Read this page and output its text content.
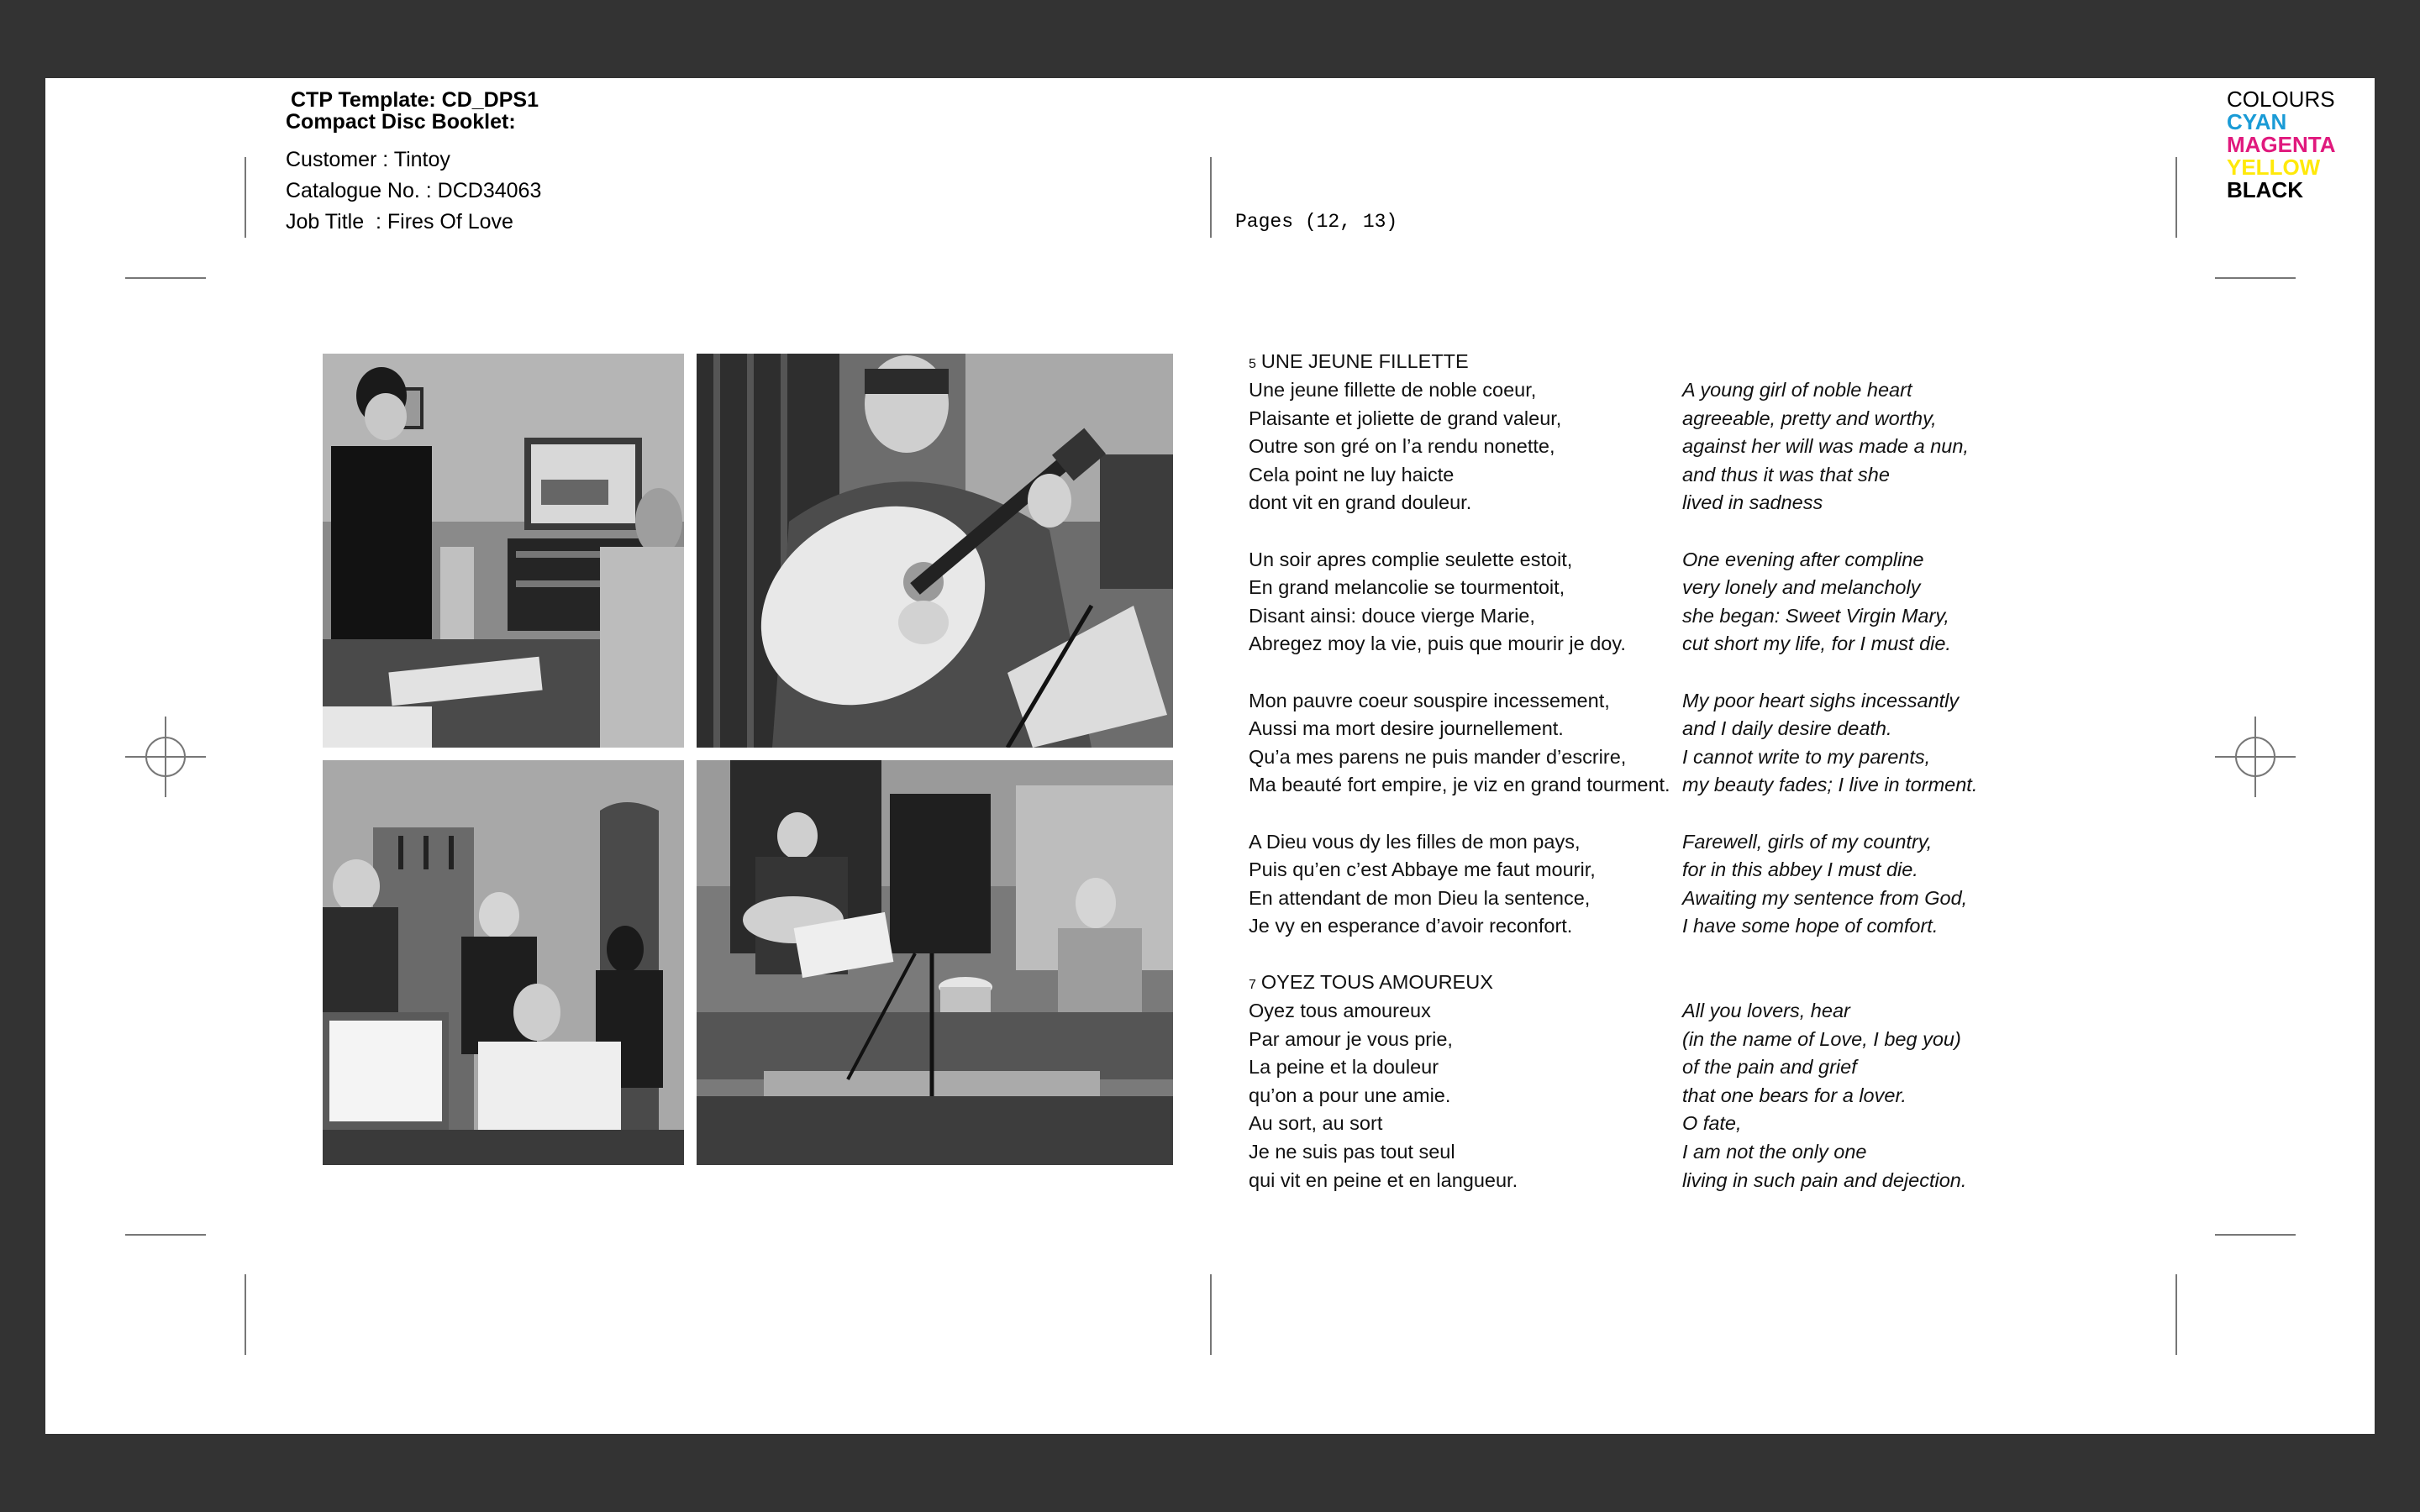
CTP Template: CD_DPS1
Compact Disc Booklet:
Customer : Tintoy
Catalogue No. : DCD34063
Job Title  : Fires Of Love	Pages (12, 13)
COLOURS
CYAN
MAGENTA
YELLOW
BLACK
5 UNE JEUNE FILLETTE
Une jeune fillette de noble coeur,
Plaisante et joliette de grand valeur,
Outre son gré on l’a rendu nonette,
Cela point ne luy haicte
dont vit en grand douleur.
Un soir apres complie seulette estoit,
En grand melancolie se tourmentoit,
Disant ainsi: douce vierge Marie,
Abregez moy la vie, puis que mourir je doy.
Mon pauvre coeur souspire incessement,
Aussi ma mort desire journellement.
Qu’a mes parens ne puis mander d’escrire,
Ma beauté fort empire, je viz en grand tourment.
A Dieu vous dy les filles de mon pays,
Puis qu’en c’est Abbaye me faut mourir,
En attendant de mon Dieu la sentence,
Je vy en esperance d’avoir reconfort.
A young girl of noble heart
agreeable, pretty and worthy,
against her will was made a nun,
and thus it was that she
lived in sadness
One evening after compline
very lonely and melancholy
she began: Sweet Virgin Mary,
cut short my life, for I must die.
My poor heart sighs incessantly
and I daily desire death.
I cannot write to my parents,
my beauty fades; I live in torment.
Farewell, girls of my country,
for in this abbey I must die.
Awaiting my sentence from God,
I have some hope of comfort.
7 OYEZ TOUS AMOUREUX
Oyez tous amoureux
Par amour je vous prie,
La peine et la douleur
qu’on a pour une amie.
Au sort, au sort
Je ne suis pas tout seul
qui vit en peine et en langueur.
All you lovers, hear
(in the name of Love, I beg you)
of the pain and grief
that one bears for a lover.
O fate,
I am not the only one
living in such pain and dejection.
